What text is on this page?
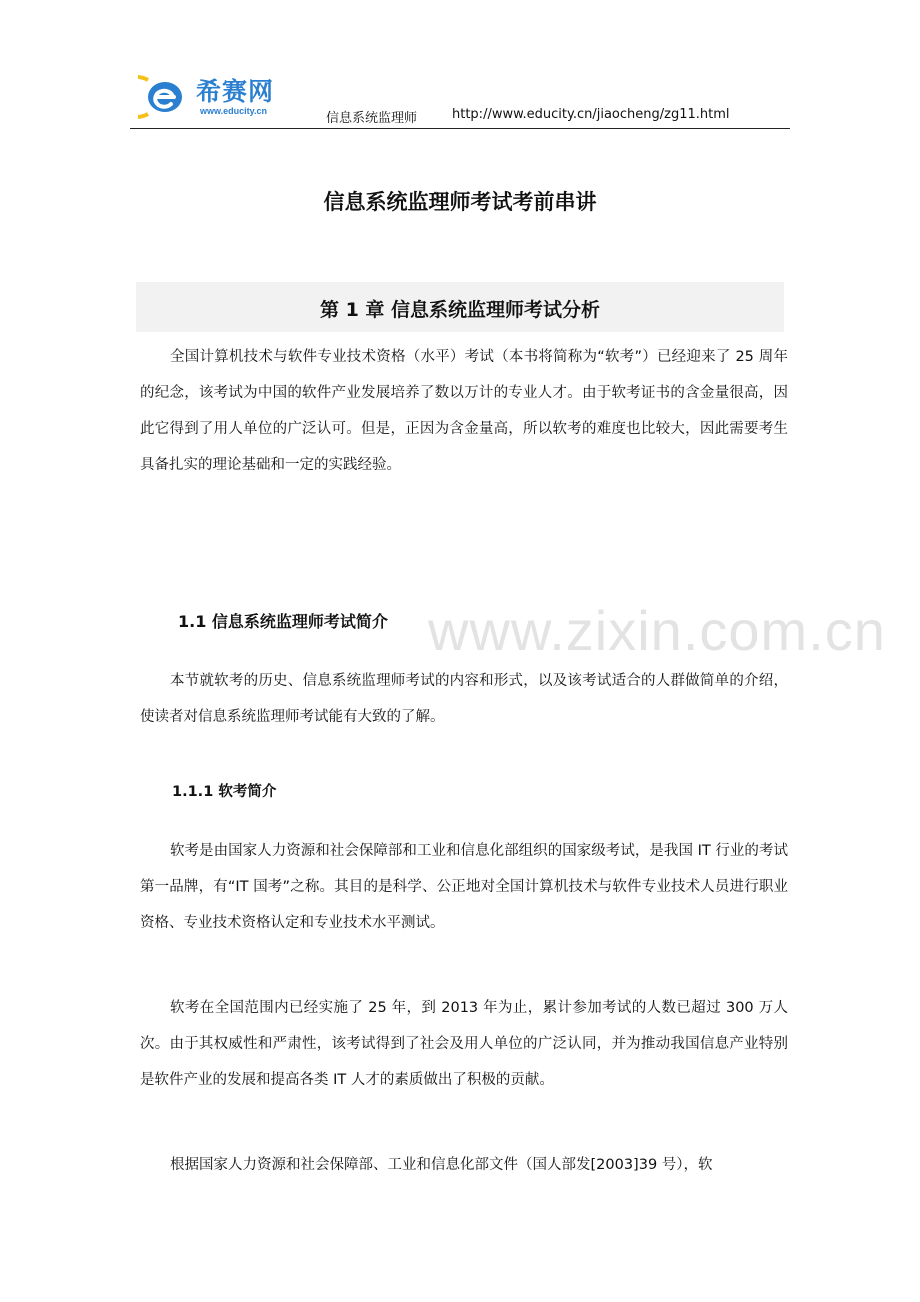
希赛网
www.educity.cn	信息系统监理师	http://www.educity.cn/jiaocheng/zg11.html
信息系统监理师考试考前串讲
第 1 章 信息系统监理师考试分析

全国计算机技术与软件专业技术资格（水平）考试（本书将简称为“软考”）已经迎来了 25 周年的纪念，该考试为中国的软件产业发展培养了数以万计的专业人才。由于软考证书的含金量很高，因此它得到了用人单位的广泛认可。但是，正因为含金量高，所以软考的难度也比较大，因此需要考生具备扎实的理论基础和一定的实践经验。

www.zixin.com.cn
1.1 信息系统监理师考试简介

本节就软考的历史、信息系统监理师考试的内容和形式，以及该考试适合的人群做简单的介绍，使读者对信息系统监理师考试能有大致的了解。

1.1.1 软考简介

软考是由国家人力资源和社会保障部和工业和信息化部组织的国家级考试，是我国 IT 行业的考试第一品牌，有“IT 国考”之称。其目的是科学、公正地对全国计算机技术与软件专业技术人员进行职业资格、专业技术资格认定和专业技术水平测试。

软考在全国范围内已经实施了 25 年，到 2013 年为止，累计参加考试的人数已超过 300 万人次。由于其权威性和严肃性，该考试得到了社会及用人单位的广泛认同，并为推动我国信息产业特别是软件产业的发展和提高各类 IT 人才的素质做出了积极的贡献。

根据国家人力资源和社会保障部、工业和信息化部文件（国人部发[2003]39 号），软
